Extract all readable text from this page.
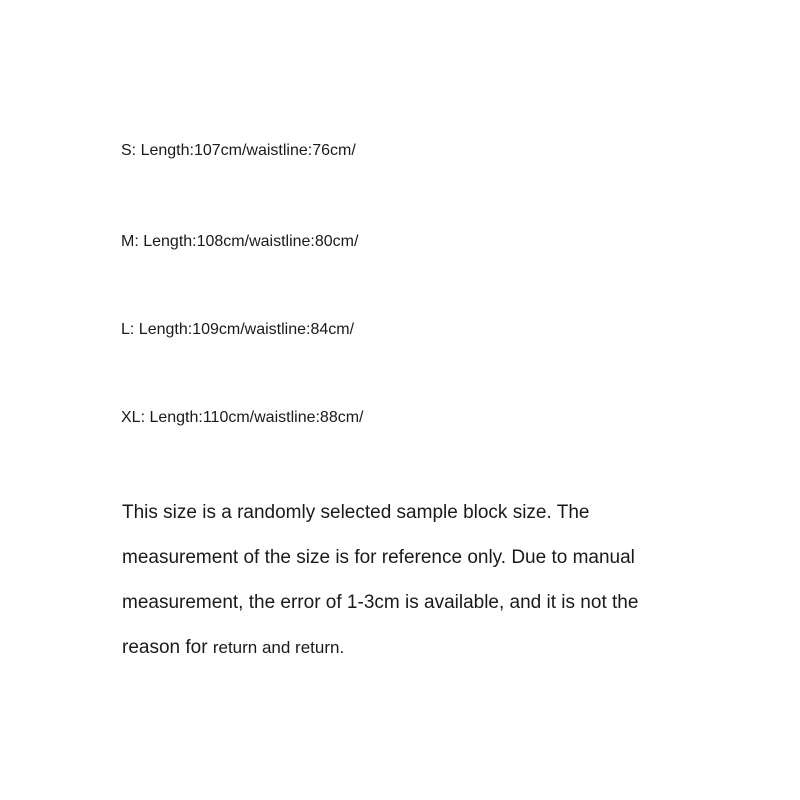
S: Length:107cm/waistline:76cm/
M: Length:108cm/waistline:80cm/
L: Length:109cm/waistline:84cm/
XL: Length:110cm/waistline:88cm/
This size is a randomly selected sample block size. The
measurement of the size is for reference only. Due to manual
measurement, the error of 1-3cm is available, and it is not the
reason for return and return.
